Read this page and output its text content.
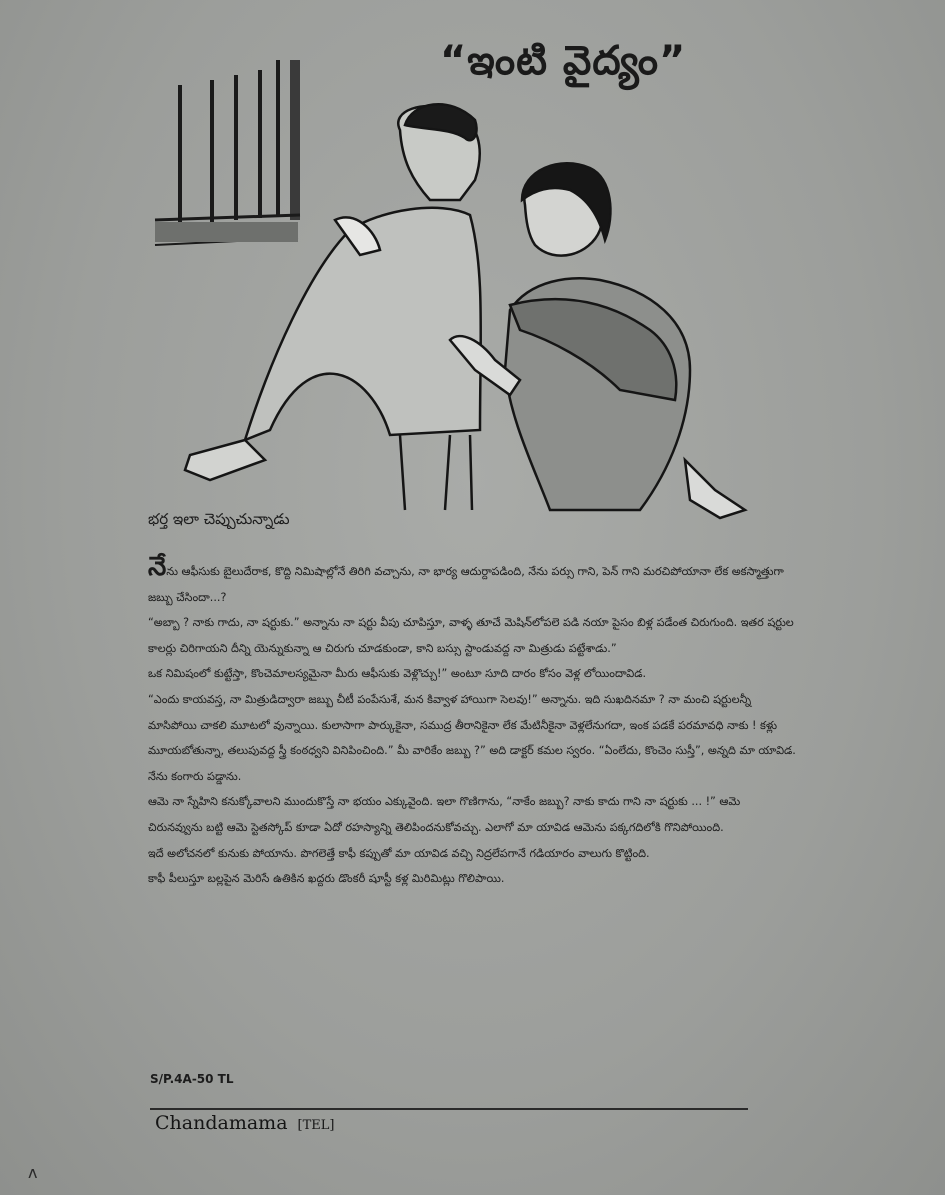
“ఇంటి వైద్యం”
భర్త ఇలా చెప్పుచున్నాడు

నేను ఆఫీసుకు బైలుదేరాక, కొద్ది నిమిషాల్లోనే తిరిగి వచ్చాను, నా భార్య ఆదుర్దాపడింది, నేను పర్సు గాని, పెన్ గాని మరచిపోయానా లేక అకస్మాత్తుగా జబ్బు చేసిందా...?

“అబ్బా ? నాకు గాదు, నా షర్టుకు.” అన్నాను నా షర్టు వీపు చూపిస్తూ, వాళ్ళ తూచే మెషిన్‌లోపలె పడి నయా పైసం బిళ్ల పడేంత చిరుగుంది. ఇతర షర్టుల కాలర్లు చిరిగాయని దీన్ని యెన్నుకున్నా ఆ చిరుగు చూడకుండా, కాని బస్సు స్టాండువద్ద నా మిత్రుడు పట్టేశాడు.”

ఒక నిమిషంలో కుట్టేస్తా, కొంచెమాలస్యమైనా మీరు ఆఫీసుకు వెళ్లొచ్చు!” అంటూ సూది దారం కోసం వెళ్ల లోయిందావిడ.

“ఎందు కాయవస్త, నా మిత్రుడిద్వారా జబ్బు చీటీ పంపేసుశే, మన కివ్వాళ హాయిగా సెలవు!” అన్నాను. ఇది సుఖదినమా ? నా మంచి షర్టులన్నీ మాసిపోయి చాకలి మూటలో వున్నాయి. కులాసాగా పార్కుకైనా, సముద్ర తీరానికైనా లేక మేటినీకైనా వెళ్లలేనుగదా, ఇంక పడకే పరమావధి నాకు ! కళ్లు మూయబోతున్నా, తలుపువద్ద స్త్రీ కంఠధ్వని వినిపించింది.” మీ వారికేం జబ్బు ?” అది డాక్టర్ కమల స్వరం. “ఏంలేదు, కొంచెం సుస్తీ”, అన్నది మా యావిడ. నేను కంగారు పడ్డాను.

ఆమె నా స్నేహిని కనుక్కోవాలని ముందుకొస్తే నా భయం ఎక్కువైంది. ఇలా గొణిగాను, “నాకేం జబ్బు? నాకు కాదు గాని నా షర్టుకు ... !” ఆమె చిరునవ్వును బట్టి ఆమె స్టెతస్కోప్ కూడా ఏదో రహస్యాన్ని తెలిపిందనుకోవచ్చు. ఎలాగో మా యావిడ ఆమెను పక్కగదిలోకి గొనిపోయింది.

ఇదే అలోచనలో కునుకు పోయాను. పొగలెత్తే కాఫీ కప్పుతో మా యావిడ వచ్చి నిద్రలేపగానే గడియారం వాలుగు కొట్టింది.

కాఫీ పీలుస్తూ బల్లపైన మెరిసే ఉతికిన ఖద్దరు డొంకరీ షూస్టీ కళ్ల మిరిమిట్లు గొలిపాయి.

S/P.4A-50 TL
Chandamama [TEL]
ʌ
